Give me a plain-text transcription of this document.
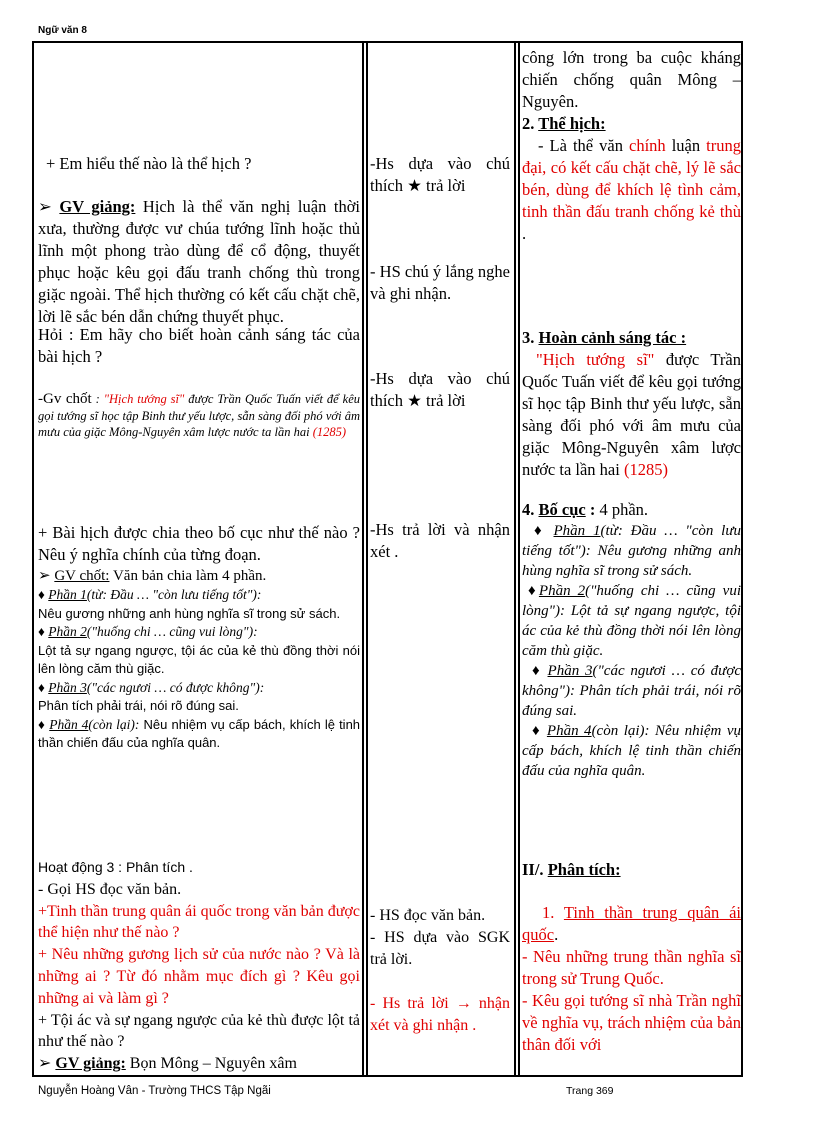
Ngữ văn 8

+ Em hiểu thế nào là thể hịch ?

➢ GV giảng: Hịch là thể văn nghị luận thời xưa, thường được vư chúa tướng lĩnh hoặc thủ lĩnh một phong trào dùng để cổ động, thuyết phục hoặc kêu gọi đấu tranh chống thù trong giặc ngoài. Thể hịch thường có kết cấu chặt chẽ, lời lẽ sắc bén dẫn chứng thuyết phục.

Hỏi : Em hãy cho biết hoàn cảnh sáng tác của bài hịch ?

-Gv chốt : "Hịch tướng sĩ" được Trần Quốc Tuấn viết để kêu gọi tướng sĩ học tập Binh thư yếu lược, sẵn sàng đối phó với âm mưu của giặc Mông-Nguyên xâm lược nước ta lần hai (1285)

+ Bài hịch được chia theo bố cục như thế nào ? Nêu ý nghĩa chính của từng đoạn.

➢ GV chốt: Văn bản chia làm 4 phần.

♦ Phần 1(từ: Đầu … "còn lưu tiếng tốt"):
Nêu gương những anh hùng nghĩa sĩ trong sử sách.

♦ Phần 2("huống chi … cũng vui lòng"):
Lột tả sự ngang ngược, tội ác của kẻ thù đồng thời nói lên lòng căm thù giặc.

♦ Phần 3("các ngươi … có được không"):
Phân tích phải trái, nói rõ đúng sai.

♦ Phần 4(còn lại): Nêu nhiệm vụ cấp bách, khích lệ tinh thần chiến đấu của nghĩa quân.

Hoạt động 3 : Phân tích .

- Gọi HS đọc văn bản.

+Tinh thần trung quân ái quốc trong văn bản được thể hiện như thế nào ?

+ Nêu những gương lịch sử của nước nào ? Và là những ai ? Từ đó nhằm mục đích gì ? Kêu gọi những ai và làm gì ?

+ Tội ác và sự ngang ngược của kẻ thù được lột tả như thế nào ?

➢ GV giảng: Bọn Mông – Nguyên xâm

-Hs dựa vào chú thích ★ trả lời

- HS chú ý lắng nghe và ghi nhận.

-Hs dựa vào chú thích ★ trả lời

-Hs trả lời và nhận xét .

- HS đọc văn bản.

- HS dựa vào SGK trả lời.

- Hs trả lời → nhận xét và ghi nhận .

công lớn trong ba cuộc kháng chiến chống quân Mông – Nguyên.

2. Thể hịch:

- Là thể văn chính luận trung đại, có kết cấu chặt chẽ, lý lẽ sắc bén, dùng để khích lệ tình cảm, tinh thần đấu tranh chống kẻ thù .

3. Hoàn cảnh sáng tác :

"Hịch tướng sĩ" được Trần Quốc Tuấn viết để kêu gọi tướng sĩ học tập Binh thư yếu lược, sẵn sàng đối phó với âm mưu của giặc Mông-Nguyên xâm lược nước ta lần hai (1285)

4. Bố cục : 4 phần.

♦ Phần 1(từ: Đầu … "còn lưu tiếng tốt"): Nêu gương những anh hùng nghĩa sĩ trong sử sách.

♦Phần 2("huống chi … cũng vui lòng"): Lột tả sự ngang ngược, tội ác của kẻ thù đồng thời nói lên lòng căm thù giặc.

♦ Phần 3("các ngươi … có được không"): Phân tích phải trái, nói rõ đúng sai.

♦ Phần 4(còn lại): Nêu nhiệm vụ cấp bách, khích lệ tinh thần chiến đấu của nghĩa quân.

II/. Phân tích:

1. Tinh thần trung quân ái quốc.

- Nêu những trung thần nghĩa sĩ trong sử Trung Quốc.

- Kêu gọi tướng sĩ nhà Trần nghĩ về nghĩa vụ, trách nhiệm của bản thân đối với

Nguyễn Hoàng Vân - Trường THCS Tập Ngãi	Trang 369
